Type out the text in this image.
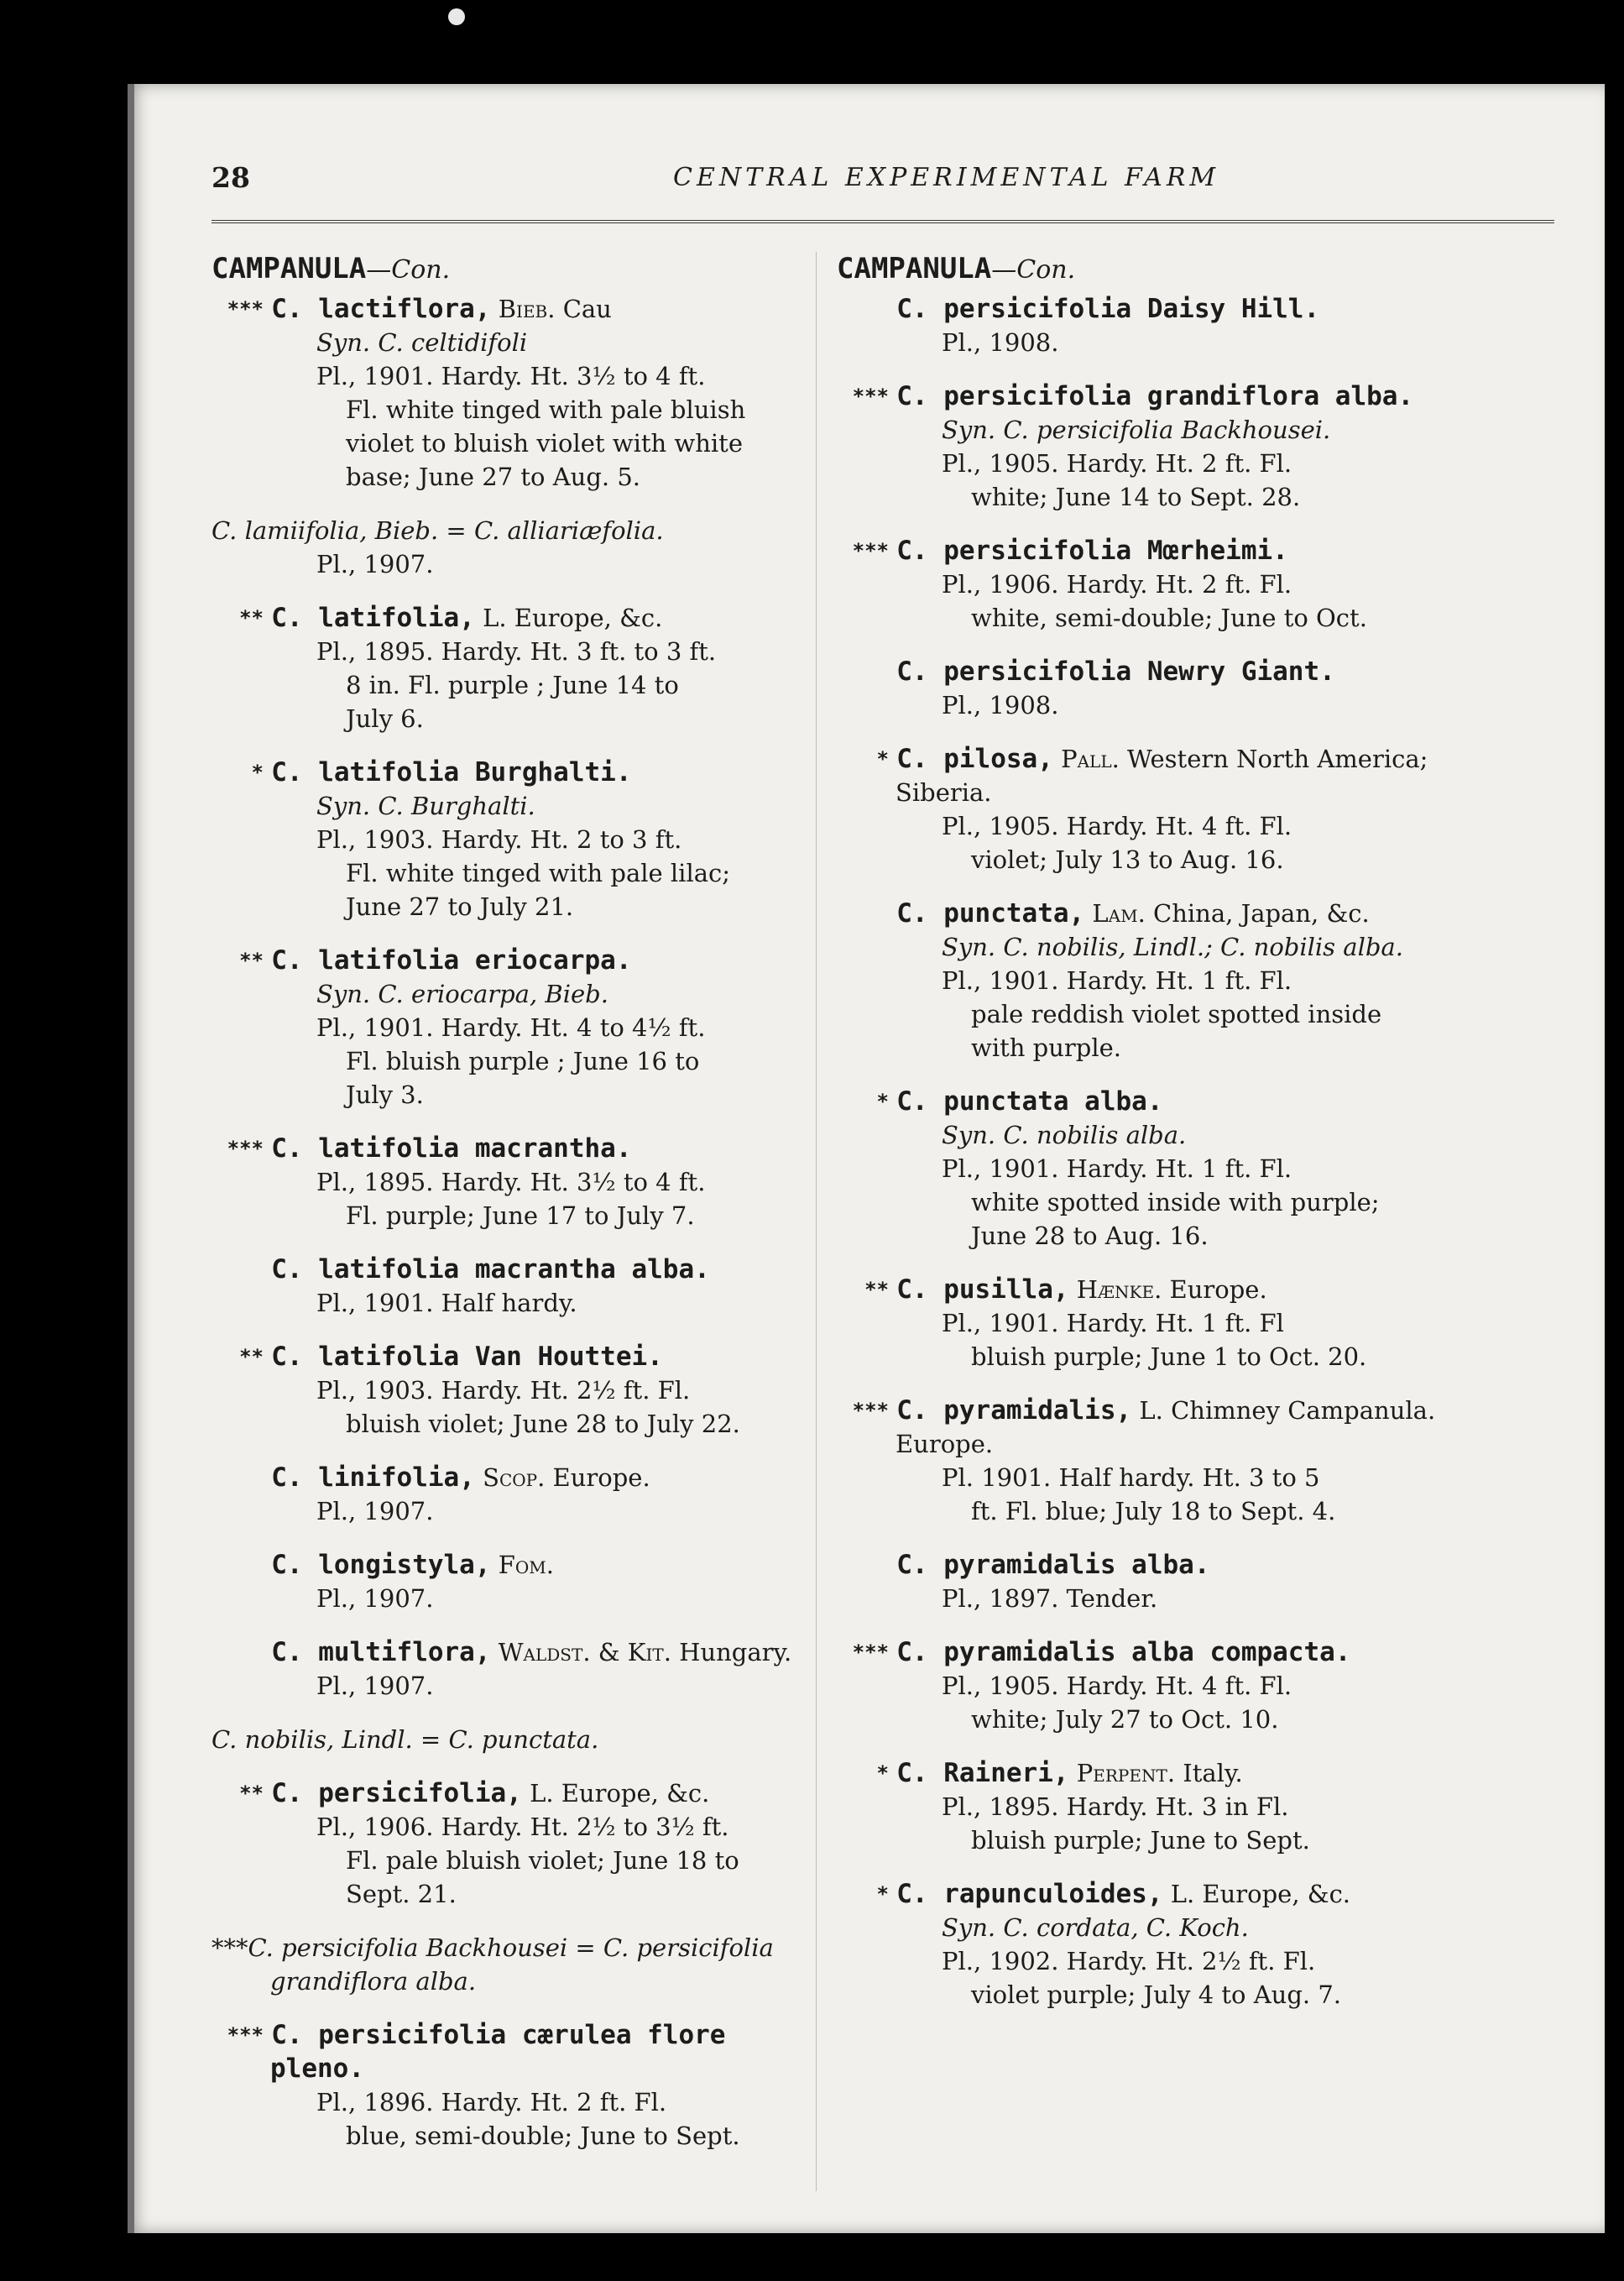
28	CENTRAL EXPERIMENTAL FARM
CAMPANULA—Con.
*** C. lactiflora, Bieb. Cau
Syn. C. celtidifoli
Pl., 1901. Hardy. Ht. 3½ to 4 ft.
Fl. white tinged with pale bluish
violet to bluish violet with white
base; June 27 to Aug. 5.
C. lamiifolia, Bieb. = C. alliariæfolia.
Pl., 1907.
** C. latifolia, L. Europe, &c.
Pl., 1895. Hardy. Ht. 3 ft. to 3 ft.
8 in. Fl. purple ; June 14 to
July 6.
* C. latifolia Burghalti.
Syn. C. Burghalti.
Pl., 1903. Hardy. Ht. 2 to 3 ft.
Fl. white tinged with pale lilac;
June 27 to July 21.
** C. latifolia eriocarpa.
Syn. C. eriocarpa, Bieb.
Pl., 1901. Hardy. Ht. 4 to 4½ ft.
Fl. bluish purple ; June 16 to
July 3.
*** C. latifolia macrantha.
Pl., 1895. Hardy. Ht. 3½ to 4 ft.
Fl. purple; June 17 to July 7.
C. latifolia macrantha alba.
Pl., 1901. Half hardy.
** C. latifolia Van Houttei.
Pl., 1903. Hardy. Ht. 2½ ft. Fl.
bluish violet; June 28 to July 22.
C. linifolia, Scop. Europe.
Pl., 1907.
C. longistyla, Fom.
Pl., 1907.
C. multiflora, Waldst. & Kit. Hungary.
Pl., 1907.
C. nobilis, Lindl. = C. punctata.
** C. persicifolia, L. Europe, &c.
Pl., 1906. Hardy. Ht. 2½ to 3½ ft.
Fl. pale bluish violet; June 18 to
Sept. 21.
***C. persicifolia Backhousei = C. persicifolia grandiflora alba.
*** C. persicifolia cærulea flore pleno.
Pl., 1896. Hardy. Ht. 2 ft. Fl.
blue, semi-double; June to Sept.
CAMPANULA—Con.
C. persicifolia Daisy Hill.
Pl., 1908.
*** C. persicifolia grandiflora alba.
Syn. C. persicifolia Backhousei.
Pl., 1905. Hardy. Ht. 2 ft. Fl.
white; June 14 to Sept. 28.
*** C. persicifolia Mœrheimi.
Pl., 1906. Hardy. Ht. 2 ft. Fl.
white, semi-double; June to Oct.
C. persicifolia Newry Giant.
Pl., 1908.
* C. pilosa, Pall. Western North America; Siberia.
Pl., 1905. Hardy. Ht. 4 ft. Fl.
violet; July 13 to Aug. 16.
C. punctata, Lam. China, Japan, &c.
Syn. C. nobilis, Lindl.; C. nobilis alba.
Pl., 1901. Hardy. Ht. 1 ft. Fl.
pale reddish violet spotted inside
with purple.
* C. punctata alba.
Syn. C. nobilis alba.
Pl., 1901. Hardy. Ht. 1 ft. Fl.
white spotted inside with purple;
June 28 to Aug. 16.
** C. pusilla, Hænke. Europe.
Pl., 1901. Hardy. Ht. 1 ft. Fl
bluish purple; June 1 to Oct. 20.
*** C. pyramidalis, L. Chimney Campanula. Europe.
Pl. 1901. Half hardy. Ht. 3 to 5
ft. Fl. blue; July 18 to Sept. 4.
C. pyramidalis alba.
Pl., 1897. Tender.
*** C. pyramidalis alba compacta.
Pl., 1905. Hardy. Ht. 4 ft. Fl.
white; July 27 to Oct. 10.
* C. Raineri, Perpent. Italy.
Pl., 1895. Hardy. Ht. 3 in Fl.
bluish purple; June to Sept.
* C. rapunculoides, L. Europe, &c.
Syn. C. cordata, C. Koch.
Pl., 1902. Hardy. Ht. 2½ ft. Fl.
violet purple; July 4 to Aug. 7.
